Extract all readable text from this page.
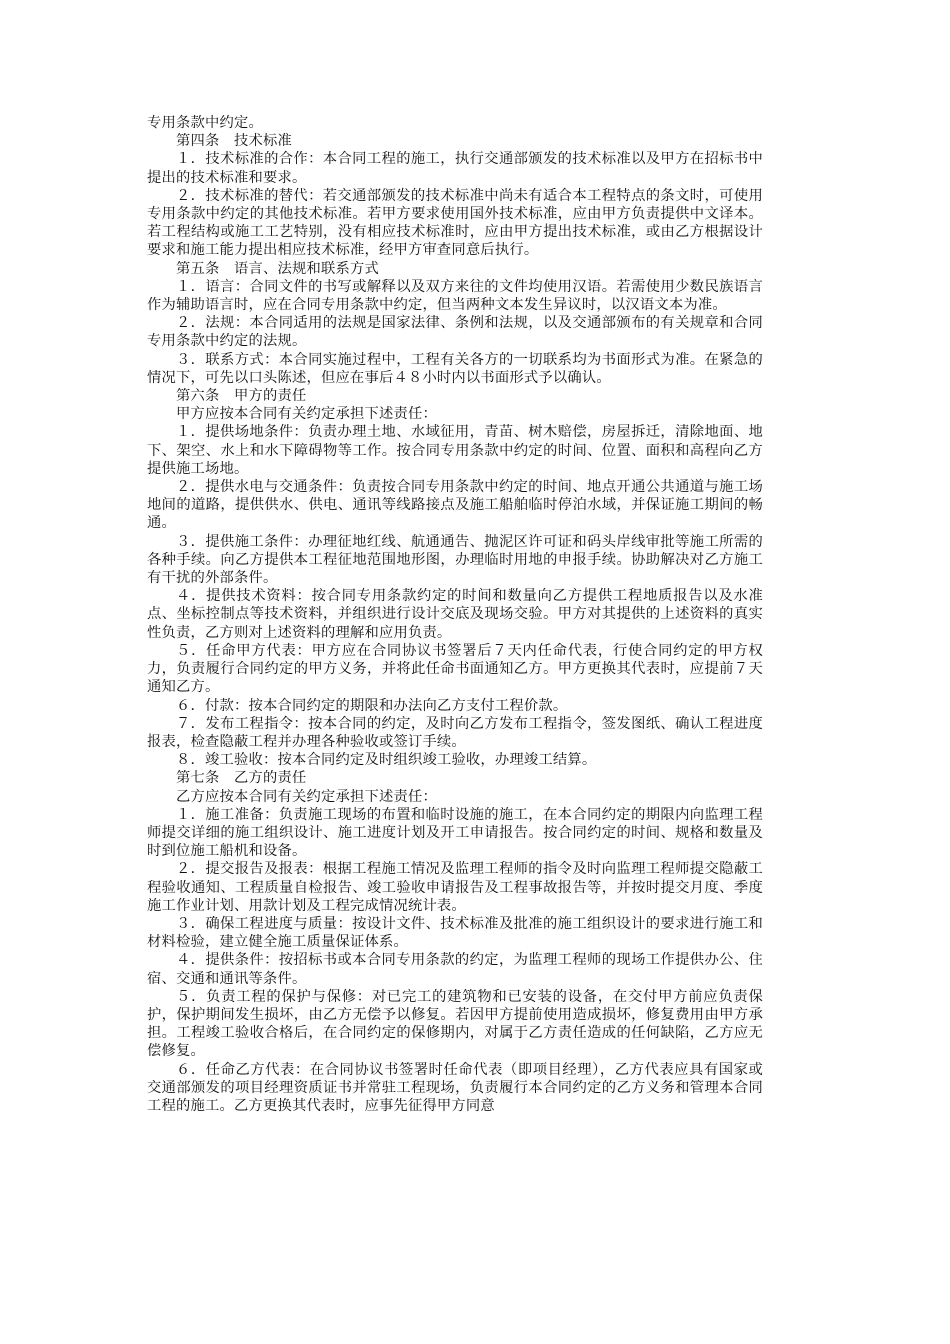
专用条款中约定。

第四条　技术标准

１．技术标准的合作：本合同工程的施工，执行交通部颁发的技术标准以及甲方在招标书中提出的技术标准和要求。

２．技术标准的替代：若交通部颁发的技术标准中尚未有适合本工程特点的条文时，可使用专用条款中约定的其他技术标准。若甲方要求使用国外技术标准，应由甲方负责提供中文译本。若工程结构或施工工艺特别，没有相应技术标准时，应由甲方提出技术标准，或由乙方根据设计要求和施工能力提出相应技术标准，经甲方审查同意后执行。

第五条　语言、法规和联系方式

１．语言：合同文件的书写或解释以及双方来往的文件均使用汉语。若需使用少数民族语言作为辅助语言时，应在合同专用条款中约定，但当两种文本发生异议时，以汉语文本为准。

２．法规：本合同适用的法规是国家法律、条例和法规，以及交通部颁布的有关规章和合同专用条款中约定的法规。

３．联系方式：本合同实施过程中，工程有关各方的一切联系均为书面形式为准。在紧急的情况下，可先以口头陈述，但应在事后４８小时内以书面形式予以确认。

第六条　甲方的责任

甲方应按本合同有关约定承担下述责任：

１．提供场地条件：负责办理土地、水域征用，青苗、树木赔偿，房屋拆迁，清除地面、地下、架空、水上和水下障碍物等工作。按合同专用条款中约定的时间、位置、面积和高程向乙方提供施工场地。

２．提供水电与交通条件：负责按合同专用条款中约定的时间、地点开通公共通道与施工场地间的道路，提供供水、供电、通讯等线路接点及施工船舶临时停泊水域，并保证施工期间的畅通。

３．提供施工条件：办理征地红线、航通通告、抛泥区许可证和码头岸线审批等施工所需的各种手续。向乙方提供本工程征地范围地形图，办理临时用地的申报手续。协助解决对乙方施工有干扰的外部条件。

４．提供技术资料：按合同专用条款约定的时间和数量向乙方提供工程地质报告以及水准点、坐标控制点等技术资料，并组织进行设计交底及现场交验。甲方对其提供的上述资料的真实性负责，乙方则对上述资料的理解和应用负责。

５．任命甲方代表：甲方应在合同协议书签署后７天内任命代表，行使合同约定的甲方权力，负责履行合同约定的甲方义务，并将此任命书面通知乙方。甲方更换其代表时，应提前７天通知乙方。

６．付款：按本合同约定的期限和办法向乙方支付工程价款。

７．发布工程指令：按本合同的约定，及时向乙方发布工程指令，签发图纸、确认工程进度报表，检查隐蔽工程并办理各种验收或签订手续。

８．竣工验收：按本合同约定及时组织竣工验收，办理竣工结算。

第七条　乙方的责任

乙方应按本合同有关约定承担下述责任：

１．施工准备：负责施工现场的布置和临时设施的施工，在本合同约定的期限内向监理工程师提交详细的施工组织设计、施工进度计划及开工申请报告。按合同约定的时间、规格和数量及时到位施工船机和设备。

２．提交报告及报表：根据工程施工情况及监理工程师的指令及时向监理工程师提交隐蔽工程验收通知、工程质量自检报告、竣工验收申请报告及工程事故报告等，并按时提交月度、季度施工作业计划、用款计划及工程完成情况统计表。

３．确保工程进度与质量：按设计文件、技术标准及批准的施工组织设计的要求进行施工和材料检验，建立健全施工质量保证体系。

４．提供条件：按招标书或本合同专用条款的约定，为监理工程师的现场工作提供办公、住宿、交通和通讯等条件。

５．负责工程的保护与保修：对已完工的建筑物和已安装的设备，在交付甲方前应负责保护，保护期间发生损坏，由乙方无偿予以修复。若因甲方提前使用造成损坏，修复费用由甲方承担。工程竣工验收合格后，在合同约定的保修期内，对属于乙方责任造成的任何缺陷，乙方应无偿修复。

６．任命乙方代表：在合同协议书签署时任命代表（即项目经理），乙方代表应具有国家或交通部颁发的项目经理资质证书并常驻工程现场，负责履行本合同约定的乙方义务和管理本合同工程的施工。乙方更换其代表时，应事先征得甲方同意
